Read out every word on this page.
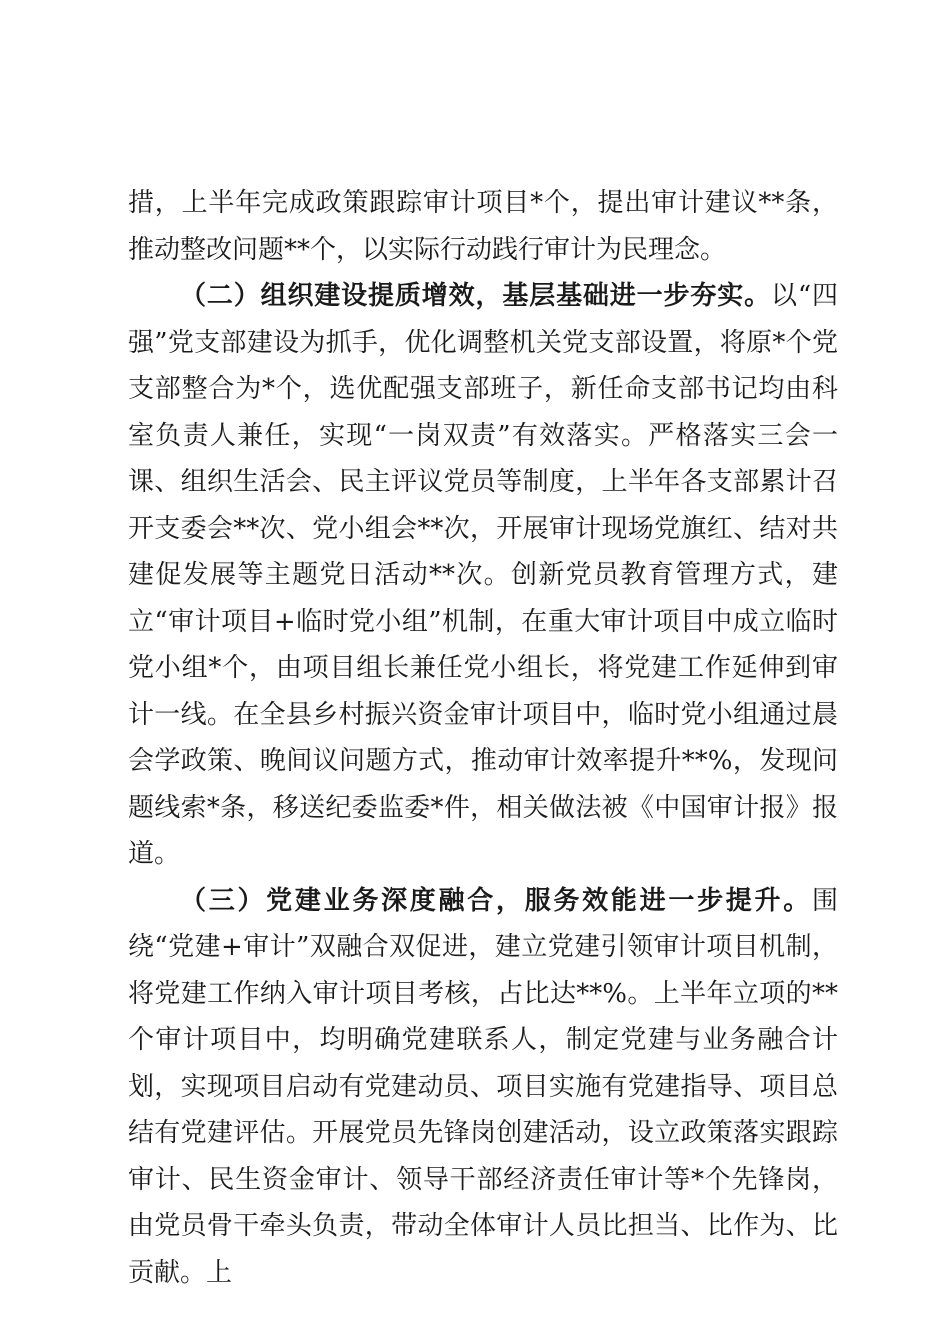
措，上半年完成政策跟踪审计项目*个，提出审计建议**条，推动整改问题**个，以实际行动践行审计为民理念。

（二）组织建设提质增效，基层基础进一步夯实。以“四强”党支部建设为抓手，优化调整机关党支部设置，将原*个党支部整合为*个，选优配强支部班子，新任命支部书记均由科室负责人兼任，实现“一岗双责”有效落实。严格落实三会一课、组织生活会、民主评议党员等制度，上半年各支部累计召开支委会**次、党小组会**次，开展审计现场党旗红、结对共建促发展等主题党日活动**次。创新党员教育管理方式，建立“审计项目+临时党小组”机制，在重大审计项目中成立临时党小组*个，由项目组长兼任党小组长，将党建工作延伸到审计一线。在全县乡村振兴资金审计项目中，临时党小组通过晨会学政策、晚间议问题方式，推动审计效率提升**%，发现问题线索*条，移送纪委监委*件，相关做法被《中国审计报》报道。

（三）党建业务深度融合，服务效能进一步提升。围绕“党建+审计”双融合双促进，建立党建引领审计项目机制，将党建工作纳入审计项目考核，占比达**%。上半年立项的**个审计项目中，均明确党建联系人，制定党建与业务融合计划，实现项目启动有党建动员、项目实施有党建指导、项目总结有党建评估。开展党员先锋岗创建活动，设立政策落实跟踪审计、民生资金审计、领导干部经济责任审计等*个先锋岗，由党员骨干牵头负责，带动全体审计人员比担当、比作为、比贡献。上
